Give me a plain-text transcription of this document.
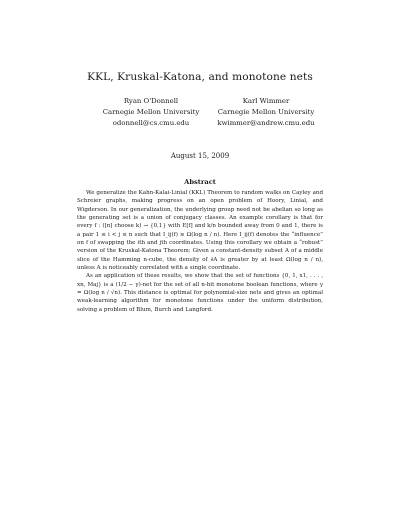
KKL, Kruskal-Katona, and monotone nets
Ryan O'Donnell
Carnegie Mellon University
odonnell@cs.cmu.edu
Karl Wimmer
Carnegie Mellon University
kwimmer@andrew.cmu.edu
August 15, 2009
Abstract

We generalize the Kahn-Kalai-Linial (KKL) Theorem to random walks on Cayley and Schreier graphs, making progress on an open problem of Hoory, Linial, and Wigderson. In our generalization, the underlying group need not be abelian so long as the generating set is a union of conjugacy classes. An example corollary is that for every f : ([n] choose k) → {0,1} with E[f] and k/n bounded away from 0 and 1, there is a pair 1 ≤ i < j ≤ n such that I_ij(f) ≥ Ω(log n / n). Here I_ij(f) denotes the “influence” on f of swapping the ith and jth coordinates. Using this corollary we obtain a “robust” version of the Kruskal-Katona Theorem: Given a constant-density subset A of a middle slice of the Hamming n-cube, the density of ∂A is greater by at least Ω(log n / n), unless A is noticeably correlated with a single coordinate.

As an application of these results, we show that the set of functions {0, 1, x1, . . . , xn, Maj} is a (1/2 − γ)-net for the set of all n-bit monotone boolean functions, where γ = Ω(log n / √n). This distance is optimal for polynomial-size nets and gives an optimal weak-learning algorithm for monotone functions under the uniform distribution, solving a problem of Blum, Burch and Langford.
